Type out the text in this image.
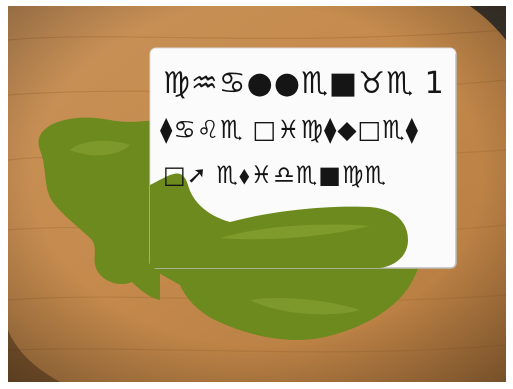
♍♒♋●●♏■♉♏ 1
⧫♋♌♏ □♓♍⧫◆□♏⧫
□➚ ♏⬧♓♎♏■♍♏
